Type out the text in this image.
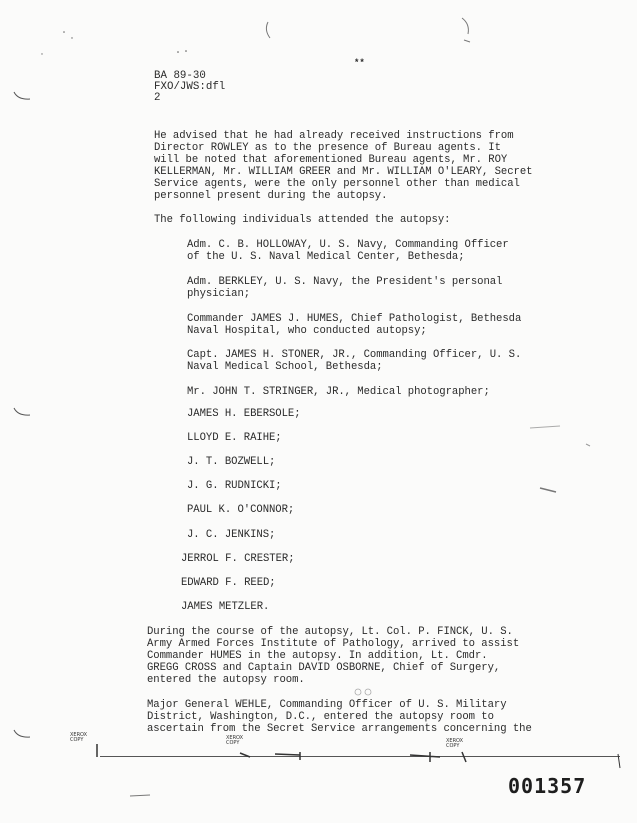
BA 89-30
FXO/JWS:dfl
2
**
He advised that he had already received instructions from
Director ROWLEY as to the presence of Bureau agents. It
will be noted that aforementioned Bureau agents, Mr. ROY
KELLERMAN, Mr. WILLIAM GREER and Mr. WILLIAM O'LEARY, Secret
Service agents, were the only personnel other than medical
personnel present during the autopsy.
The following individuals attended the autopsy:
Adm. C. B. HOLLOWAY, U. S. Navy, Commanding Officer
of the U. S. Naval Medical Center, Bethesda;
Adm. BERKLEY, U. S. Navy, the President's personal
physician;
Commander JAMES J. HUMES, Chief Pathologist, Bethesda
Naval Hospital, who conducted autopsy;
Capt. JAMES H. STONER, JR., Commanding Officer, U. S.
Naval Medical School, Bethesda;
Mr. JOHN T. STRINGER, JR., Medical photographer;
JAMES H. EBERSOLE;
LLOYD E. RAIHE;
J. T. BOZWELL;
J. G. RUDNICKI;
PAUL K. O'CONNOR;
J. C. JENKINS;
JERROL F. CRESTER;
EDWARD F. REED;
JAMES METZLER.
During the course of the autopsy, Lt. Col. P. FINCK, U. S.
Army Armed Forces Institute of Pathology, arrived to assist
Commander HUMES in the autopsy. In addition, Lt. Cmdr.
GREGG CROSS and Captain DAVID OSBORNE, Chief of Surgery,
entered the autopsy room.
Major General WEHLE, Commanding Officer of U. S. Military
District, Washington, D.C., entered the autopsy room to
ascertain from the Secret Service arrangements concerning the
XEROX COPY	XEROX COPY	XEROX COPY
001357
